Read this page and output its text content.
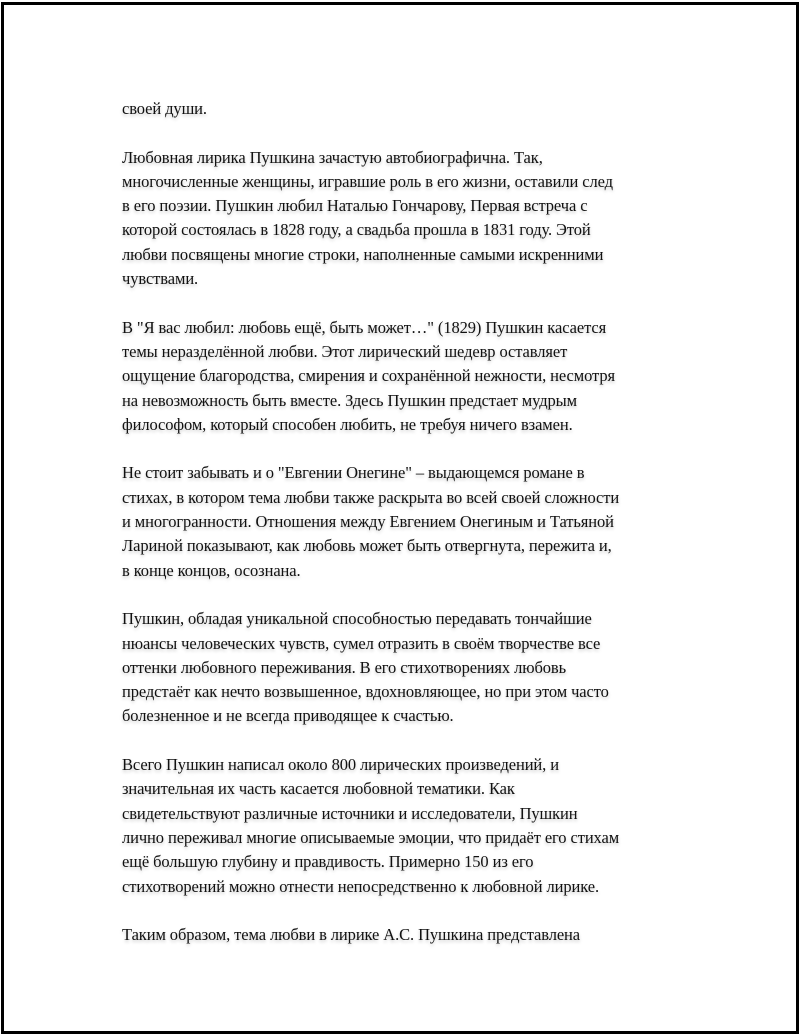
своей души.

Любовная лирика Пушкина зачастую автобиографична. Так,
многочисленные женщины, игравшие роль в его жизни, оставили след
в его поэзии. Пушкин любил Наталью Гончарову, Первая встреча с
которой состоялась в 1828 году, а свадьба прошла в 1831 году. Этой
любви посвящены многие строки, наполненные самыми искренними
чувствами.

В "Я вас любил: любовь ещё, быть может…" (1829) Пушкин касается
темы неразделённой любви. Этот лирический шедевр оставляет
ощущение благородства, смирения и сохранённой нежности, несмотря
на невозможность быть вместе. Здесь Пушкин предстает мудрым
философом, который способен любить, не требуя ничего взамен.

Не стоит забывать и о "Евгении Онегине" – выдающемся романе в
стихах, в котором тема любви также раскрыта во всей своей сложности
и многогранности. Отношения между Евгением Онегиным и Татьяной
Лариной показывают, как любовь может быть отвергнута, пережита и,
в конце концов, осознана.

Пушкин, обладая уникальной способностью передавать тончайшие
нюансы человеческих чувств, сумел отразить в своём творчестве все
оттенки любовного переживания. В его стихотворениях любовь
предстаёт как нечто возвышенное, вдохновляющее, но при этом часто
болезненное и не всегда приводящее к счастью.

Всего Пушкин написал около 800 лирических произведений, и
значительная их часть касается любовной тематики. Как
свидетельствуют различные источники и исследователи, Пушкин
лично переживал многие описываемые эмоции, что придаёт его стихам
ещё большую глубину и правдивость. Примерно 150 из его
стихотворений можно отнести непосредственно к любовной лирике.

Таким образом, тема любви в лирике А.С. Пушкина представлена
